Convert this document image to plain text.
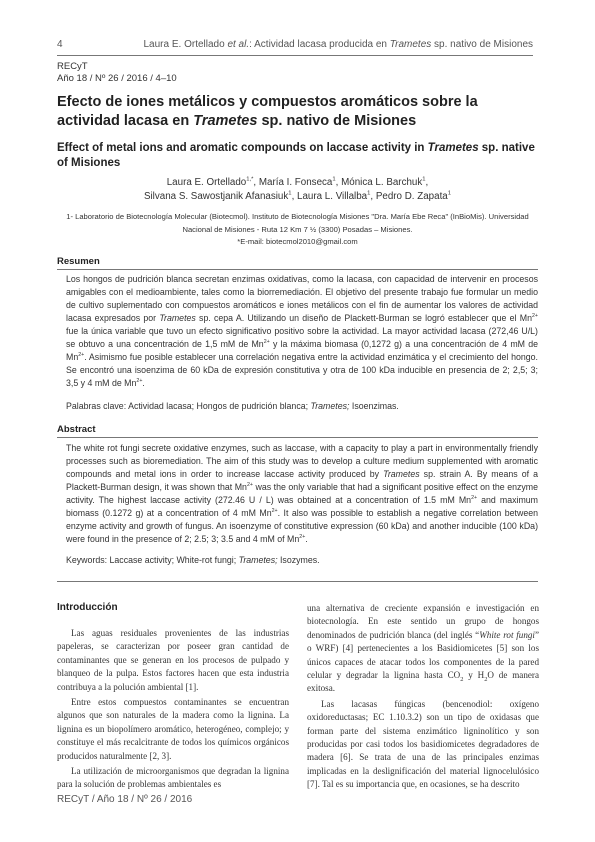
4	Laura E. Ortellado et al.: Actividad lacasa producida en Trametes sp. nativo de Misiones
RECyT
Año 18 / Nº 26 / 2016 / 4–10
Efecto de iones metálicos y compuestos aromáticos sobre la actividad lacasa en Trametes sp. nativo de Misiones
Effect of metal ions and aromatic compounds on laccase activity in Trametes sp. native of Misiones
Laura E. Ortellado$^{1,*}$, María I. Fonseca$^1$, Mónica L. Barchuk$^1$,
Silvana S. Sawostjanik Afanasiuk$^1$, Laura L. Villalba$^1$, Pedro D. Zapata$^1$
1- Laboratorio de Biotecnología Molecular (Biotecmol). Instituto de Biotecnología Misiones "Dra. María Ebe Reca" (InBioMis). Universidad Nacional de Misiones - Ruta 12 Km 7 ½ (3300) Posadas – Misiones.
*E-mail: biotecmol2010@gmail.com
Resumen
Los hongos de pudrición blanca secretan enzimas oxidativas, como la lacasa, con capacidad de intervenir en procesos amigables con el medioambiente, tales como la biorremediación. El objetivo del presente trabajo fue formular un medio de cultivo suplementado con compuestos aromáticos e iones metálicos con el fin de aumentar los valores de actividad lacasa expresados por Trametes sp. cepa A. Utilizando un diseño de Plackett-Burman se logró establecer que el $Mn^{2+}$ fue la única variable que tuvo un efecto significativo positivo sobre la actividad. La mayor actividad lacasa (272,46 U/L) se obtuvo a una concentración de 1,5 mM de $Mn^{2+}$ y la máxima biomasa (0,1272 g) a una concentración de 4 mM de $Mn^{2+}$. Asimismo fue posible establecer una correlación negativa entre la actividad enzimática y el crecimiento del hongo. Se encontró una isoenzima de 60 kDa de expresión constitutiva y otra de 100 kDa inducible en presencia de 2; 2,5; 3; 3,5 y 4 mM de $Mn^{2+}$.
Palabras clave: Actividad lacasa; Hongos de pudrición blanca; Trametes; Isoenzimas.
Abstract
The white rot fungi secrete oxidative enzymes, such as laccase, with a capacity to play a part in environmentally friendly processes such as bioremediation. The aim of this study was to develop a culture medium supplemented with aromatic compounds and metal ions in order to increase laccase activity produced by Trametes sp. strain A. By means of a Plackett-Burman design, it was shown that $Mn^{2+}$ was the only variable that had a significant positive effect on the enzyme activity. The highest laccase activity (272.46 U / L) was obtained at a concentration of 1.5 mM $Mn^{2+}$ and maximum biomass (0.1272 g) at a concentration of 4 mM $Mn^{2+}$. It also was possible to establish a negative correlation between enzyme activity and growth of fungus. An isoenzyme of constitutive expression (60 kDa) and another inducible (100 kDa) were found in the presence of 2; 2.5; 3; 3.5 and 4 mM of $Mn^{2+}$.
Keywords: Laccase activity; White-rot fungi; Trametes; Isozymes.
Introducción

Las aguas residuales provenientes de las industrias papeleras, se caracterizan por poseer gran cantidad de contaminantes que se generan en los procesos de pulpado y blanqueo de la pulpa. Estos factores hacen que esta industria contribuya a la polución ambiental [1].

Entre estos compuestos contaminantes se encuentran algunos que son naturales de la madera como la lignina. La lignina es un biopolímero aromático, heterogéneo, complejo; y constituye el más recalcitrante de todos los químicos orgánicos producidos naturalmente [2, 3].

La utilización de microorganismos que degradan la lignina para la solución de problemas ambientales es

una alternativa de creciente expansión e investigación en biotecnología. En este sentido un grupo de hongos denominados de pudrición blanca (del inglés “White rot fungi” o WRF) [4] pertenecientes a los Basidiomicetes [5] son los únicos capaces de atacar todos los componentes de la pared celular y degradar la lignina hasta $CO_2$ y $H_2O$ de manera exitosa.

Las lacasas fúngicas (bencenodiol: oxígeno oxidoreductasas; EC 1.10.3.2) son un tipo de oxidasas que forman parte del sistema enzimático ligninolítico y son producidas por casi todos los basidiomicetes degradadores de madera [6]. Se trata de una de las principales enzimas implicadas en la deslignificación del material lignocelulósico [7]. Tal es su importancia que, en ocasiones, se ha descrito

RECyT / Año 18 / Nº 26 / 2016
